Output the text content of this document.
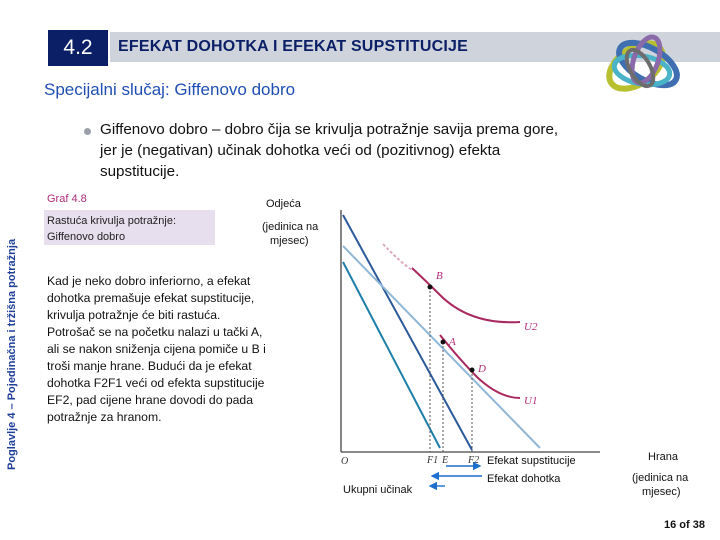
4.2	EFEKAT DOHOTKA I EFEKAT SUPSTITUCIJE
Specijalni slučaj: Giffenovo dobro
Giffenovo dobro – dobro čija se krivulja potražnje savija prema gore, jer je (negativan) učinak dohotka veći od (pozitivnog) efekta supstitucije.
Poglavlje 4 – Pojedinačna i tržišna potražnja
Graf 4.8
Rastuća krivulja potražnje: Giffenovo dobro
Kad je neko dobro inferiorno, a efekat dohotka premašuje efekat supstitucije, krivulja potražnje će biti rastuća. Potrošač se na početku nalazi u tački A, ali se nakon sniženja cijena pomiče u B i troši manje hrane. Budući da je efekat dohotka F2F1 veći od efekta supstitucije EF2, pad cijene hrane dovodi do pada potražnje za hranom.
Odjeća
(jedinica na
mjesec)
Hrana
(jedinica na
mjesec)
O
B
A
D
U2
U1
F1 E F2 Efekat supstitucije
Efekat dohotka
Ukupni učinak
16 of 38
